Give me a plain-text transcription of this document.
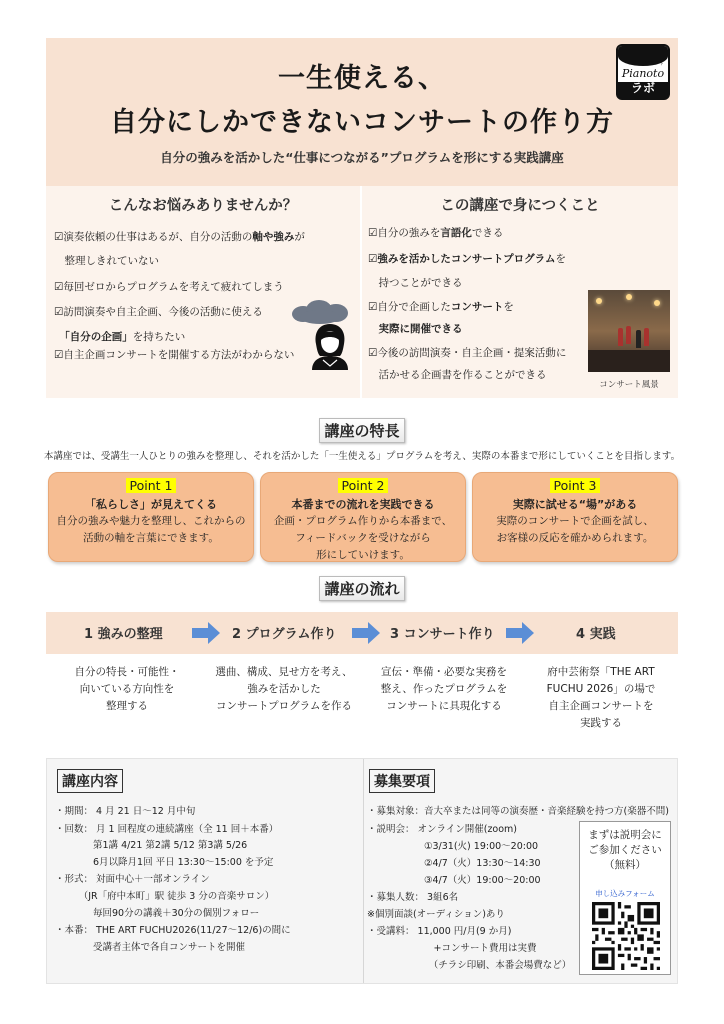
一生使える、
自分にしかできないコンサートの作り方
自分の強みを活かした“仕事につながる”プログラムを形にする実践講座
ピアノト
Pianoto
ラボ
こんなお悩みありませんか？
☑演奏依頼の仕事はあるが、自分の活動の軸や強みが
　整理しきれていない
☑毎回ゼロからプログラムを考えて疲れてしまう
☑訪問演奏や自主企画、今後の活動に使える
　「自分の企画」を持ちたい
☑自主企画コンサートを開催する方法がわからない
この講座で身につくこと
☑自分の強みを言語化できる
☑強みを活かしたコンサートプログラムを
　持つことができる
☑自分で企画したコンサートを
　実際に開催できる
☑今後の訪問演奏・自主企画・提案活動に
　活かせる企画書を作ることができる
コンサート風景
講座の特長
本講座では、受講生一人ひとりの強みを整理し、それを活かした「一生使える」プログラムを考え、実際の本番まで形にしていくことを目指します。
Point 1
「私らしさ」が見えてくる
自分の強みや魅力を整理し、これからの
活動の軸を言葉にできます。
Point 2
本番までの流れを実践できる
企画・プログラム作りから本番まで、
フィードバックを受けながら
形にしていけます。
Point 3
実際に試せる“場”がある
実際のコンサートで企画を試し、
お客様の反応を確かめられます。
講座の流れ
1 強みの整理	2 プログラム作り	3 コンサート作り	4 実践
自分の特長・可能性・
向いている方向性を
整理する
選曲、構成、見せ方を考え、
強みを活かした
コンサートプログラムを作る
宣伝・準備・必要な実務を
整え、作ったプログラムを
コンサートに具現化する
府中芸術祭「THE ART
FUCHU 2026」の場で
自主企画コンサートを
実践する
講座内容
・期間： 4 月 21 日～12 月中旬
・回数： 月 1 回程度の連続講座（全 11 回＋本番）
　　　　第1講 4/21 第2講 5/12 第3講 5/26
　　　　6月以降月1回 平日 13:30～15:00 を予定
・形式： 対面中心＋一部オンライン
　　　（JR「府中本町」駅 徒歩 3 分の音楽サロン）
　　　　毎回90分の講義＋30分の個別フォロー
・本番： THE ART FUCHU2026(11/27～12/6)の間に
　　　　受講者主体で各自コンサートを開催
募集要項
・募集対象：音大卒または同等の演奏歴・音楽経験を持つ方(楽器不問)
・説明会： オンライン開催(zoom)
　　　　　　①3/31(火) 19:00～20:00
　　　　　　②4/7（火）13:30～14:30
　　　　　　③4/7（火）19:00～20:00
・募集人数： 3組6名
※個別面談(オーディション)あり
・受講料： 11,000 円/月(9 か月)
　　　　　　　+コンサート費用は実費
　　　　　　　（チラシ印刷、本番会場費など）
まずは説明会に
ご参加ください
（無料）
申し込みフォーム
